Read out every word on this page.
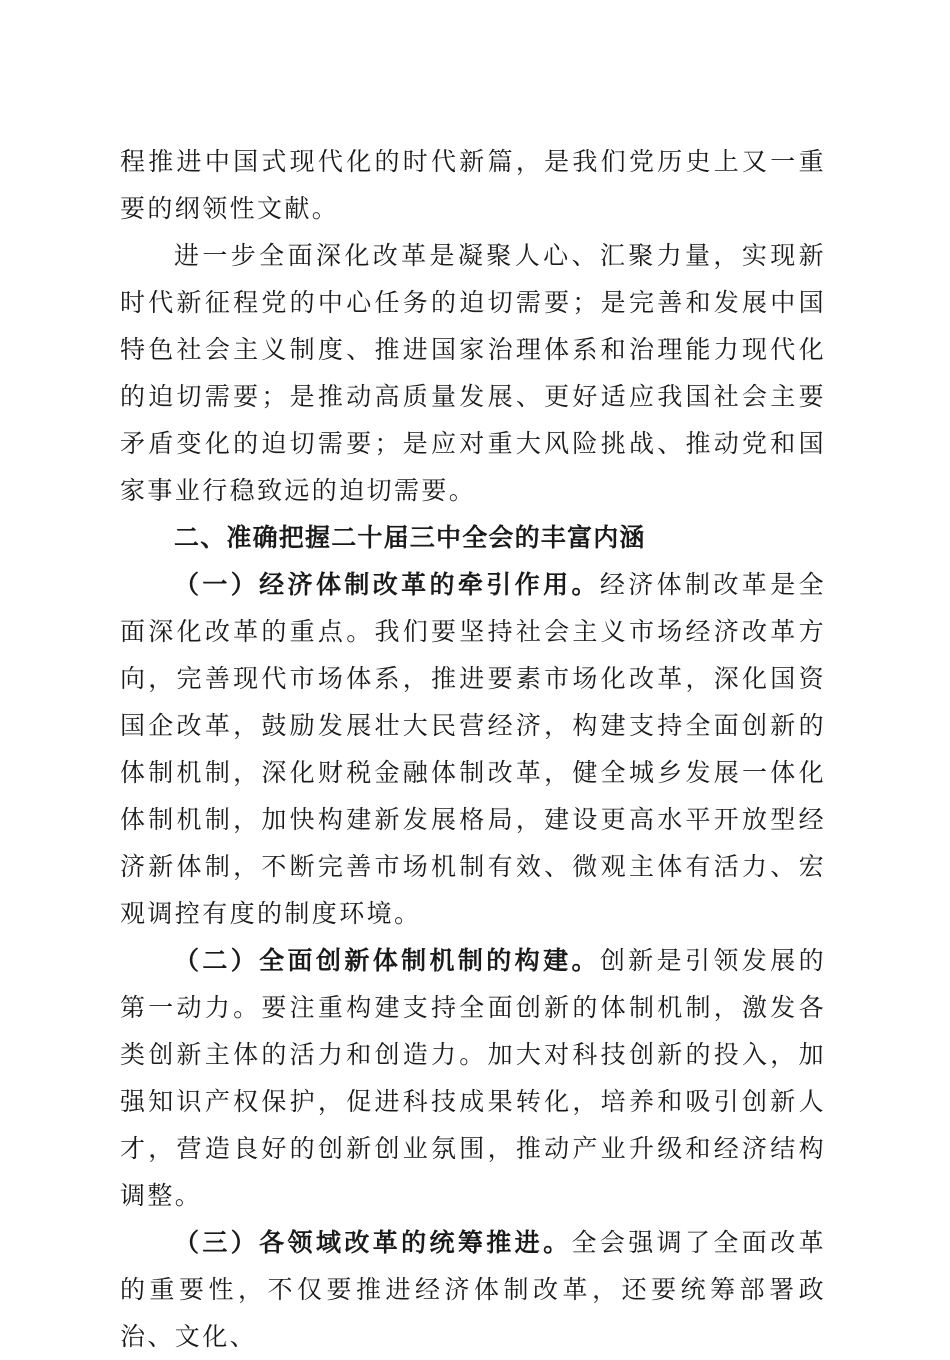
程推进中国式现代化的时代新篇，是我们党历史上又一重要的纲领性文献。

进一步全面深化改革是凝聚人心、汇聚力量，实现新时代新征程党的中心任务的迫切需要；是完善和发展中国特色社会主义制度、推进国家治理体系和治理能力现代化的迫切需要；是推动高质量发展、更好适应我国社会主要矛盾变化的迫切需要；是应对重大风险挑战、推动党和国家事业行稳致远的迫切需要。

二、准确把握二十届三中全会的丰富内涵

（一）经济体制改革的牵引作用。经济体制改革是全面深化改革的重点。我们要坚持社会主义市场经济改革方向，完善现代市场体系，推进要素市场化改革，深化国资国企改革，鼓励发展壮大民营经济，构建支持全面创新的体制机制，深化财税金融体制改革，健全城乡发展一体化体制机制，加快构建新发展格局，建设更高水平开放型经济新体制，不断完善市场机制有效、微观主体有活力、宏观调控有度的制度环境。

（二）全面创新体制机制的构建。创新是引领发展的第一动力。要注重构建支持全面创新的体制机制，激发各类创新主体的活力和创造力。加大对科技创新的投入，加强知识产权保护，促进科技成果转化，培养和吸引创新人才，营造良好的创新创业氛围，推动产业升级和经济结构调整。

（三）各领域改革的统筹推进。全会强调了全面改革的重要性，不仅要推进经济体制改革，还要统筹部署政治、文化、
